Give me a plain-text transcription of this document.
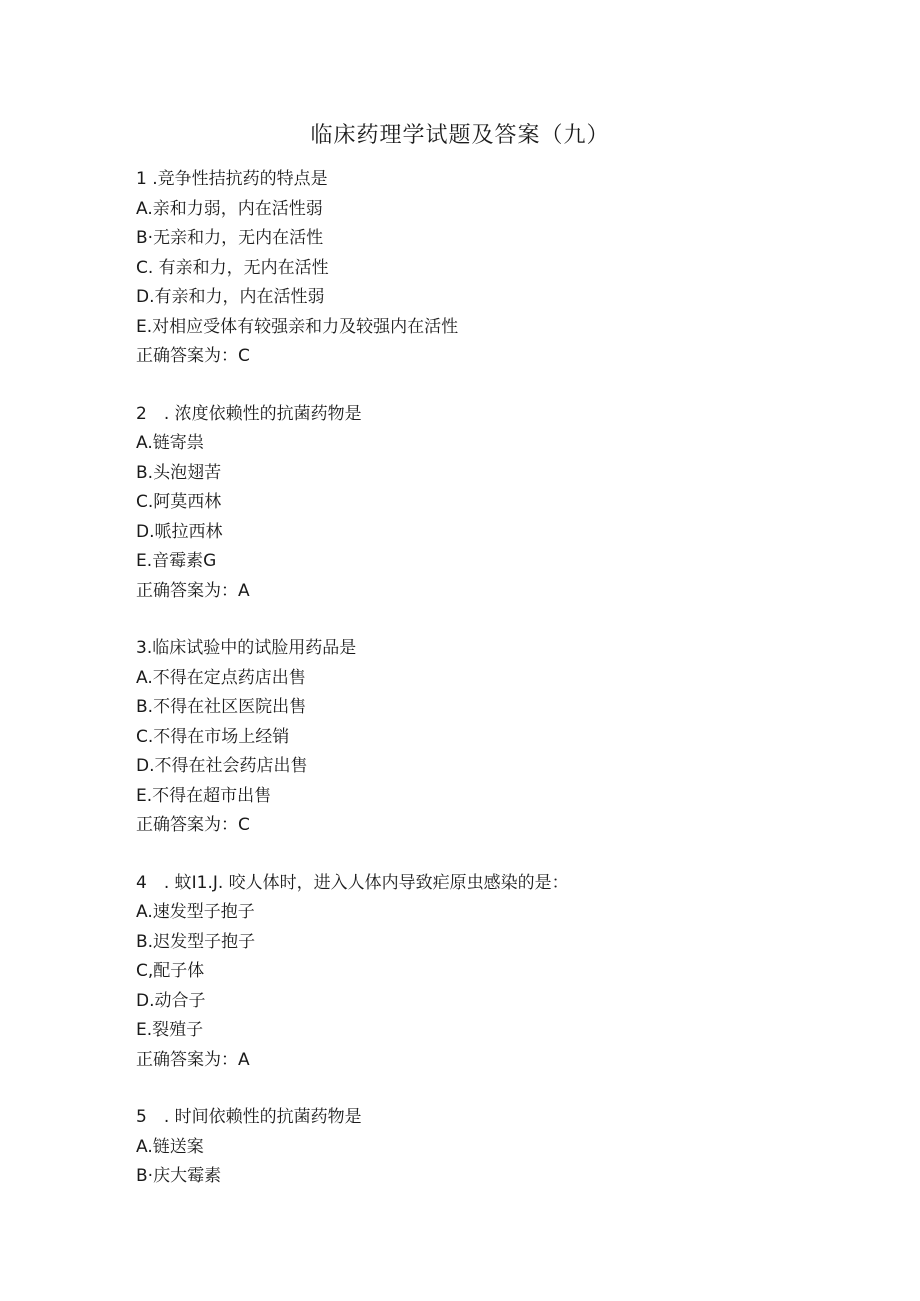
临床药理学试题及答案（九）
1 .竞争性拮抗药的特点是
A.亲和力弱，内在活性弱
B·无亲和力，无内在活性
C. 有亲和力，无内在活性
D.有亲和力，内在活性弱
E.对相应受体有较强亲和力及较强内在活性
正确答案为：C
2　. 浓度依赖性的抗菌药物是
A.链寄祟
B.头泡翅苦
C.阿莫西林
D.哌拉西林
E.音霉素G
正确答案为：A
3.临床试验中的试脸用药品是
A.不得在定点药店出售
B.不得在社区医院出售
C.不得在市场上经销
D.不得在社会药店出售
E.不得在超市出售
正确答案为：C
4　. 蚊I1.J. 咬人体时，进入人体内导致疟原虫感染的是：
A.速发型子抱子
B.迟发型子抱子
C,配子体
D.动合子
E.裂殖子
正确答案为：A
5　. 时间依赖性的抗菌药物是
A.链送案
B·庆大霉素
